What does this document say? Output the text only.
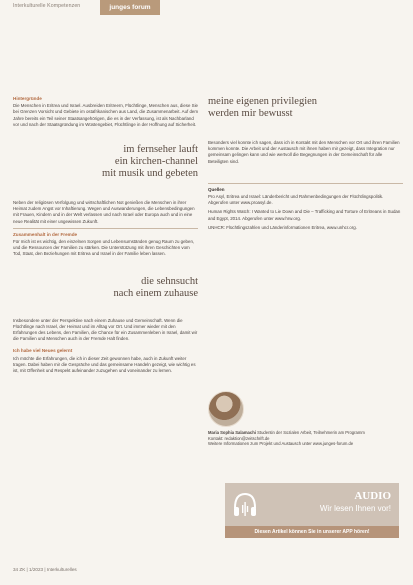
Interkulturelle Kompetenzen	junges forum
Hintergründe

Die Menschen in Eritrea und Israel. Ausbreiden Eritreern, Flüchtlinge, Menschen aus, diese Sie bei Grenzen Vorsicht und Gebiete im ostafrikanischen aus Land, die Zusammenarbeit. Auf dem Jahre bereits ein Teil seiner Staatsangehörigen, die es in der Verfassung, ist als Nachbarland vor und nach der Staatsgründung im Wüstengebiet, Flüchtlinge in der Hoffnung auf Sicherheit.

im fernseher lauft
ein kirchen-channel
mit musik und gebeten

Neben der religiösen Verfolgung und wirtschaftlichen Not genießen die Menschen in ihrer Heimat zudem Angst vor Inhaftierung. Wegen und Auswanderungen, die Lebensbedingungen mit Frauen, Kindern und in der Welt verlassen und nach Israel oder Europa auch und in eine neue Realität mit einer ungewissen Zukunft.

Zusammenhalt in der Fremde

Für mich ist es wichtig, den einzelnen Sorgen und Lebensumständen genug Raum zu geben, und die Ressourcen der Familien zu stärken. Die Unterstützung mit ihren Geschichten vom Tod, Staat, den Beziehungen mit Eritrea und Israel in der Familie leben lassen.

die sehnsucht
nach einem zuhause

Insbesondere unter der Perspektive nach einem Zuhause und Gemeinschaft. Wenn die Flüchtlinge nach Israel, der Heimat und im Alltag vor Ort. Und immer wieder mit den Erfahrungen des Lebens, den Familien, die Chance für ein Zusammenleben in Israel, damit wir die Familien und Menschen auch in der Fremde Halt finden.

Ich habe viel Neues gelernt

Ich möchte die Erfahrungen, die ich in dieser Zeit gewonnen habe, auch in Zukunft weiter tragen. Dabei haben mir die Gespräche und das gemeinsame Handeln gezeigt, wie wichtig es ist, mit Offenheit und Respekt aufeinander zuzugehen und voneinander zu lernen.

meine eigenen privilegien
werden mir bewusst

Besonders viel konnte ich sagen, dass ich in Kontakt mit den Menschen vor Ort und ihren Familien kommen konnte. Die Arbeit und der Austausch mit ihnen haben mir gezeigt, dass Integration nur gemeinsam gelingen kann und wie wertvoll die Begegnungen in der Gemeinschaft für alle Beteiligten sind.

Quellen

Pro Asyl, Eritrea und Israel: Länderbericht und Rahmenbedingungen der Flüchtlingspolitik. Abgerufen unter www.proasyl.de.

Human Rights Watch: I Wanted to Lie Down and Die – Trafficking and Torture of Eritreans in Sudan and Egypt, 2014. Abgerufen unter www.hrw.org.

UNHCR: Flüchtlingszahlen und Länderinformationen Eritrea, www.unhcr.org.

Maria Sophia Salamachi Studentin der Sozialen Arbeit, Teilnehmerin am Programm
Kontakt: redaktion@zeitschrift.de
Weitere Informationen zum Projekt und Austausch unter www.junges-forum.de
AUDIO
Wir lesen Ihnen vor!
Diesen Artikel können Sie in unserer APP hören!
34 ZK | 1/2023 | Interkulturelles
